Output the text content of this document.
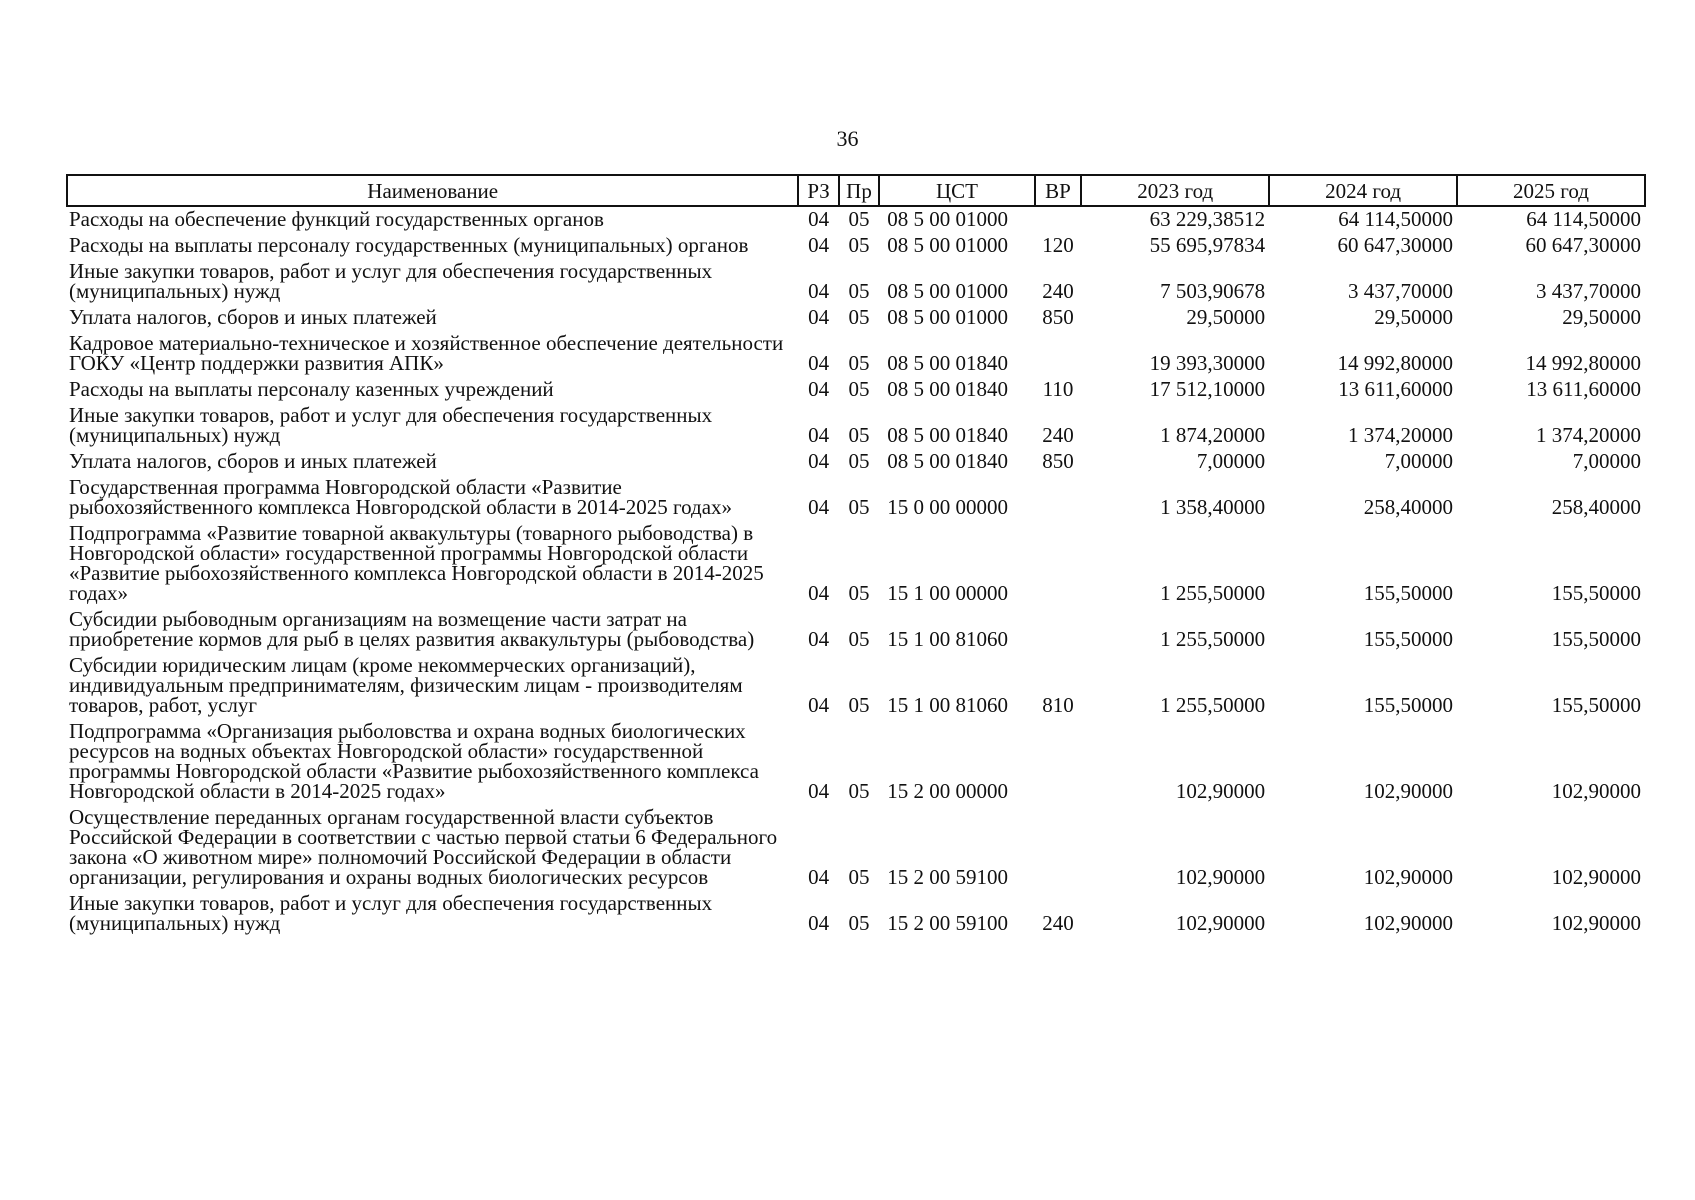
36
Наименование	РЗ	Пр	ЦСТ	ВР	2023 год	2024 год	2025 год
Расходы на обеспечение функций государственных органов	04	05	08 5 00 01000		63 229,38512	64 114,50000	64 114,50000
Расходы на выплаты персоналу государственных (муниципальных) органов	04	05	08 5 00 01000	120	55 695,97834	60 647,30000	60 647,30000
Иные закупки товаров, работ и услуг для обеспечения государственных (муниципальных) нужд	04	05	08 5 00 01000	240	7 503,90678	3 437,70000	3 437,70000
Уплата налогов, сборов и иных платежей	04	05	08 5 00 01000	850	29,50000	29,50000	29,50000
Кадровое материально-техническое и хозяйственное обеспечение деятельности ГОКУ «Центр поддержки развития АПК»	04	05	08 5 00 01840		19 393,30000	14 992,80000	14 992,80000
Расходы на выплаты персоналу казенных учреждений	04	05	08 5 00 01840	110	17 512,10000	13 611,60000	13 611,60000
Иные закупки товаров, работ и услуг для обеспечения государственных (муниципальных) нужд	04	05	08 5 00 01840	240	1 874,20000	1 374,20000	1 374,20000
Уплата налогов, сборов и иных платежей	04	05	08 5 00 01840	850	7,00000	7,00000	7,00000
Государственная программа Новгородской области «Развитие рыбохозяйственного комплекса Новгородской области в 2014-2025 годах»	04	05	15 0 00 00000		1 358,40000	258,40000	258,40000
Подпрограмма «Развитие товарной аквакультуры (товарного рыбоводства) в Новгородской области» государственной программы Новгородской области «Развитие рыбохозяйственного комплекса Новгородской области в 2014-2025 годах»	04	05	15 1 00 00000		1 255,50000	155,50000	155,50000
Субсидии рыбоводным организациям на возмещение части затрат на приобретение кормов для рыб в целях развития аквакультуры (рыбоводства)	04	05	15 1 00 81060		1 255,50000	155,50000	155,50000
Субсидии юридическим лицам (кроме некоммерческих организаций), индивидуальным предпринимателям, физическим лицам - производителям товаров, работ, услуг	04	05	15 1 00 81060	810	1 255,50000	155,50000	155,50000
Подпрограмма «Организация рыболовства и охрана водных биологических ресурсов на водных объектах Новгородской области» государственной программы Новгородской области «Развитие рыбохозяйственного комплекса Новгородской области в 2014-2025 годах»	04	05	15 2 00 00000		102,90000	102,90000	102,90000
Осуществление переданных органам государственной власти субъектов Российской Федерации в соответствии с частью первой статьи 6 Федерального закона «О животном мире» полномочий Российской Федерации в области организации, регулирования и охраны водных биологических ресурсов	04	05	15 2 00 59100		102,90000	102,90000	102,90000
Иные закупки товаров, работ и услуг для обеспечения государственных (муниципальных) нужд	04	05	15 2 00 59100	240	102,90000	102,90000	102,90000
